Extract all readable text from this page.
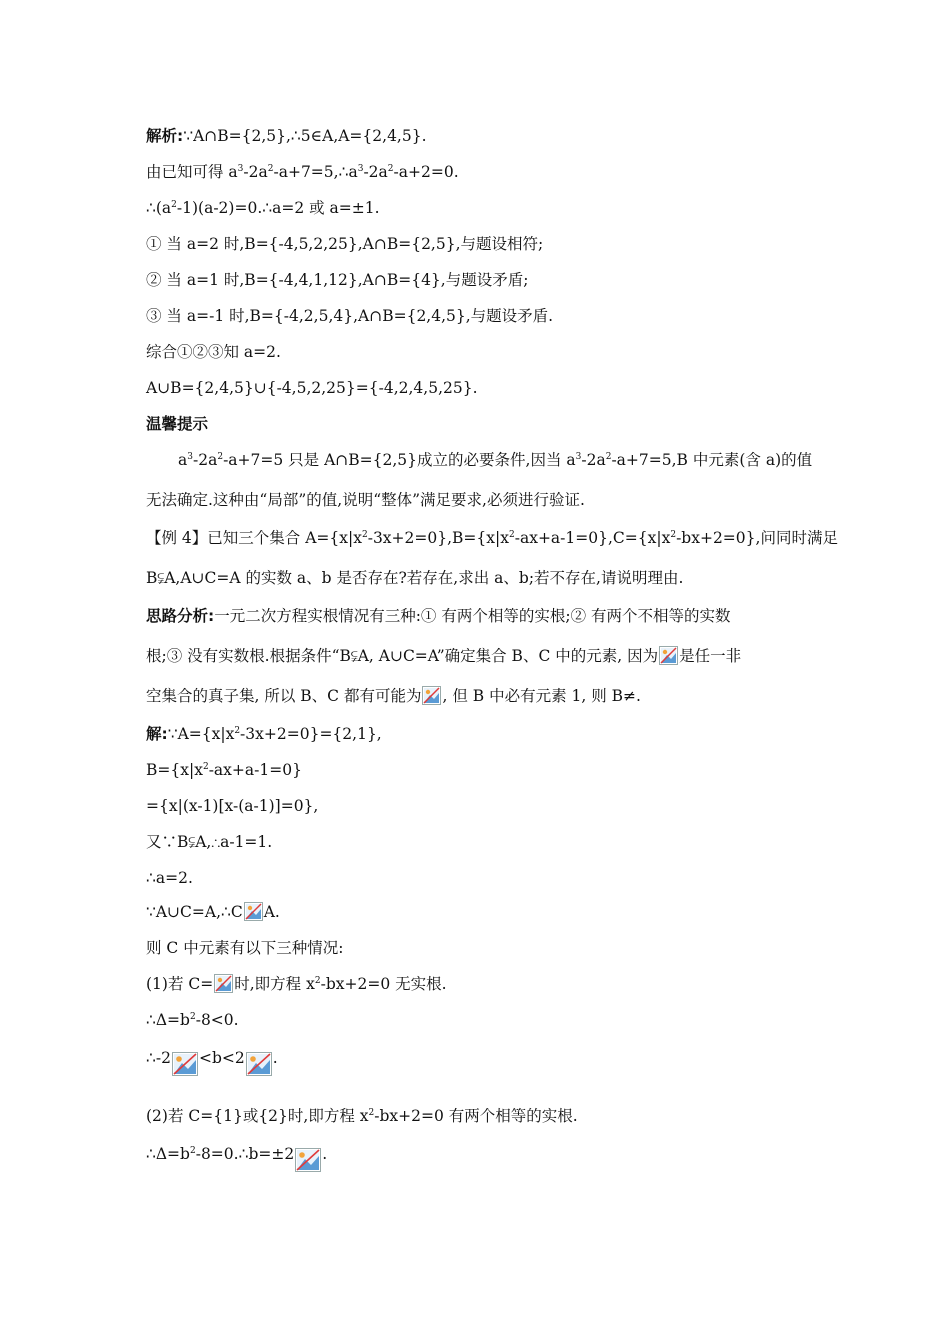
解析:∵A∩B={2,5},∴5∈A,A={2,4,5}.
由已知可得 $a^3-2a^2-a+7=5,\therefore a^3-2a^2-a+2=0$.
$\therefore(a^2-1)(a-2)=0.\therefore a=2$ 或 a=±1.
① 当 a=2 时,B={-4,5,2,25},A∩B={2,5},与题设相符;
② 当 a=1 时,B={-4,4,1,12},A∩B={4},与题设矛盾;
③ 当 a=-1 时,B={-4,2,5,4},A∩B={2,4,5},与题设矛盾.
综合①②③知 a=2.
A∪B={2,4,5}∪{-4,5,2,25}={-4,2,4,5,25}.
温馨提示
$a^3-2a^2-a+7=5$ 只是 A∩B={2,5}成立的必要条件,因当 $a^3-2a^2-a+7=5,B$ 中元素(含 a)的值
无法确定.这种由“局部”的值,说明“整体”满足要求,必须进行验证.
【例 4】已知三个集合 $A=\{x|x^2-3x+2=0\},B=\{x|x^2-ax+a-1=0\},C=\{x|x^2-bx+2=0\}$,问同时满足
B⫋A,A∪C=A 的实数 a、b 是否存在?若存在,求出 a、b;若不存在,请说明理由.
思路分析:一元二次方程实根情况有三种:① 有两个相等的实根;② 有两个不相等的实数
根;③ 没有实数根.根据条件“B⫋A, A∪C=A”确定集合 B、C 中的元素, 因为 是任一非
空集合的真子集, 所以 B、C 都有可能为 , 但 B 中必有元素 1, 则 B≠.
解$:\because A=\{x|x^2-3x+2=0\}=\{2,1\}$,
$B=\{x|x^2-ax+a-1=0\}$
={x|(x-1)[x-(a-1)]=0},
又∵B⫋A,∴a-1=1.
∴a=2.
∵A∪C=A,∴C A.
则 C 中元素有以下三种情况:
(1)若 C= 时,即方程 $x^2-bx+2=0$ 无实根.
$\therefore\Delta=b^2-8<0$.
∴-2 <b<2 .
(2)若 C={1}或{2}时,即方程 $x^2-bx+2=0$ 有两个相等的实根.
$\therefore\Delta=b^2-8=0.\therefore b=\pm 2$ .
